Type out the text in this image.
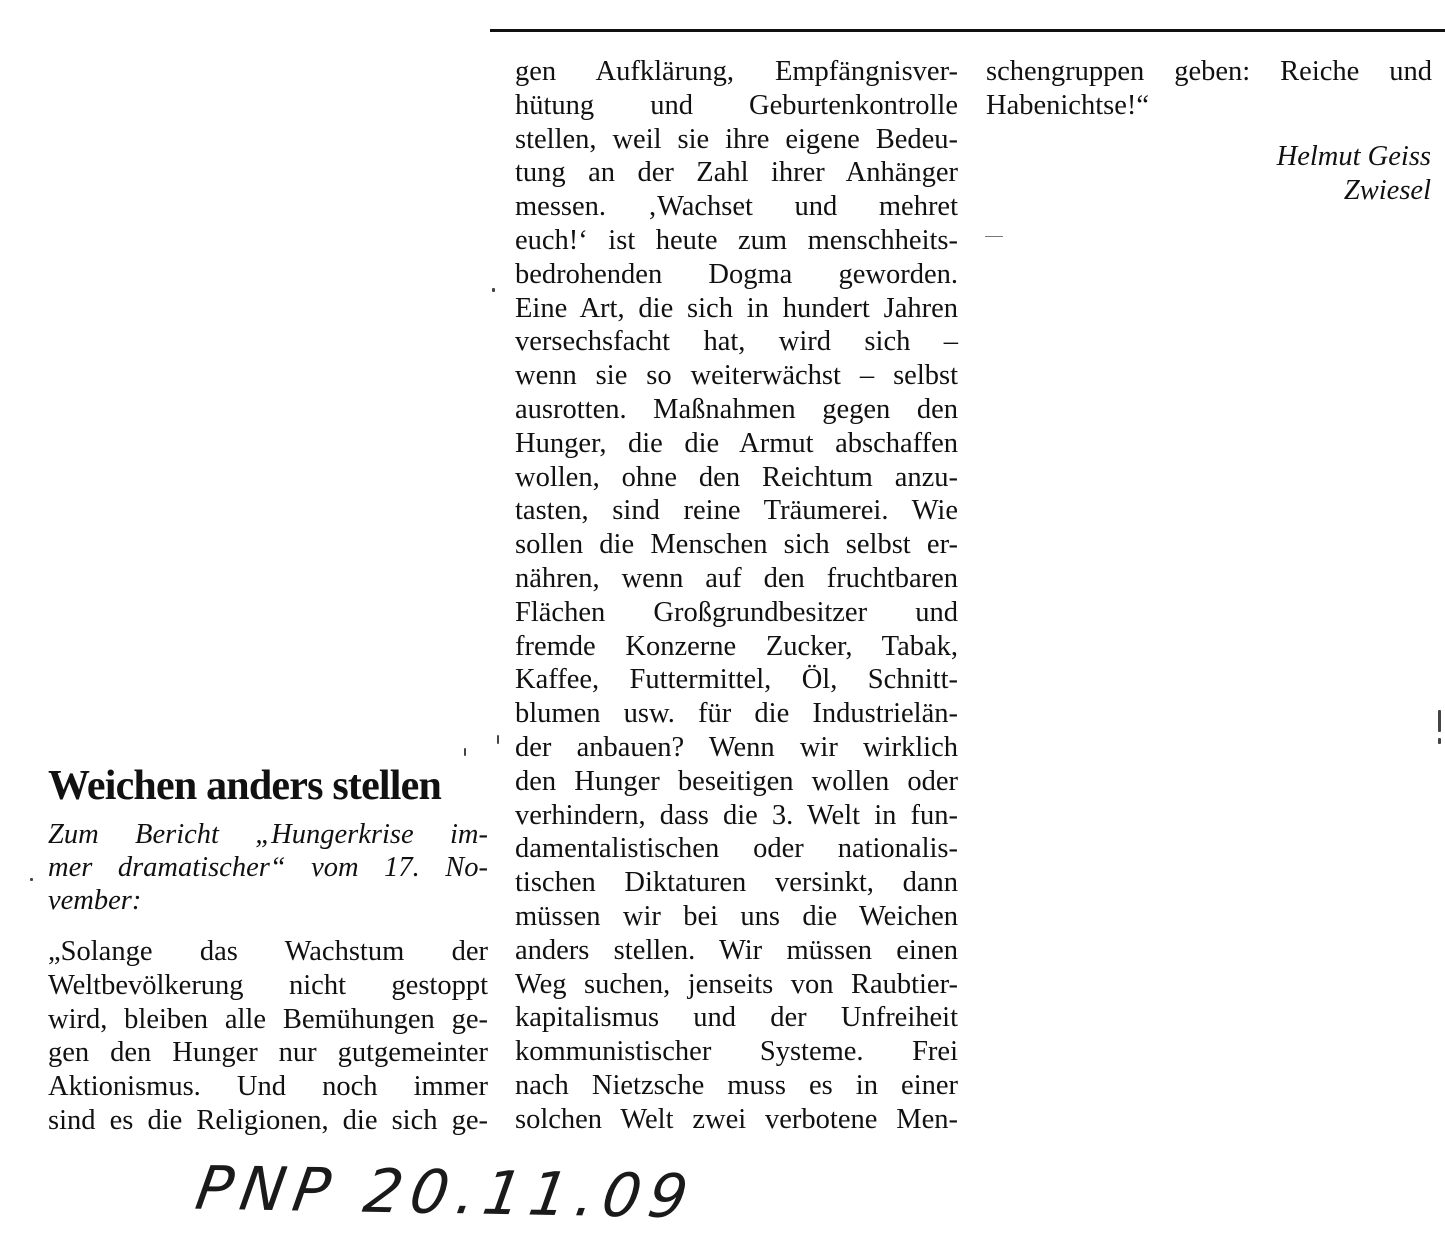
Weichen anders stellen
Zum Bericht „Hungerkrise im-
mer dramatischer“ vom 17. No-
vember:
„Solange das Wachstum der
Weltbevölkerung nicht gestoppt
wird, bleiben alle Bemühungen ge-
gen den Hunger nur gutgemeinter
Aktionismus. Und noch immer
sind es die Religionen, die sich ge-
gen Aufklärung, Empfängnisver-
hütung und Geburtenkontrolle
stellen, weil sie ihre eigene Bedeu-
tung an der Zahl ihrer Anhänger
messen. ‚Wachset und mehret
euch!‘ ist heute zum menschheits-
bedrohenden Dogma geworden.
Eine Art, die sich in hundert Jahren
versechsfacht hat, wird sich –
wenn sie so weiterwächst – selbst
ausrotten. Maßnahmen gegen den
Hunger, die die Armut abschaffen
wollen, ohne den Reichtum anzu-
tasten, sind reine Träumerei. Wie
sollen die Menschen sich selbst er-
nähren, wenn auf den fruchtbaren
Flächen Großgrundbesitzer und
fremde Konzerne Zucker, Tabak,
Kaffee, Futtermittel, Öl, Schnitt-
blumen usw. für die Industrielän-
der anbauen? Wenn wir wirklich
den Hunger beseitigen wollen oder
verhindern, dass die 3. Welt in fun-
damentalistischen oder nationalis-
tischen Diktaturen versinkt, dann
müssen wir bei uns die Weichen
anders stellen. Wir müssen einen
Weg suchen, jenseits von Raubtier-
kapitalismus und der Unfreiheit
kommunistischer Systeme. Frei
nach Nietzsche muss es in einer
solchen Welt zwei verbotene Men-
schengruppen geben: Reiche und
Habenichtse!“
Helmut Geiss
Zwiesel
PNP 20.11.09
